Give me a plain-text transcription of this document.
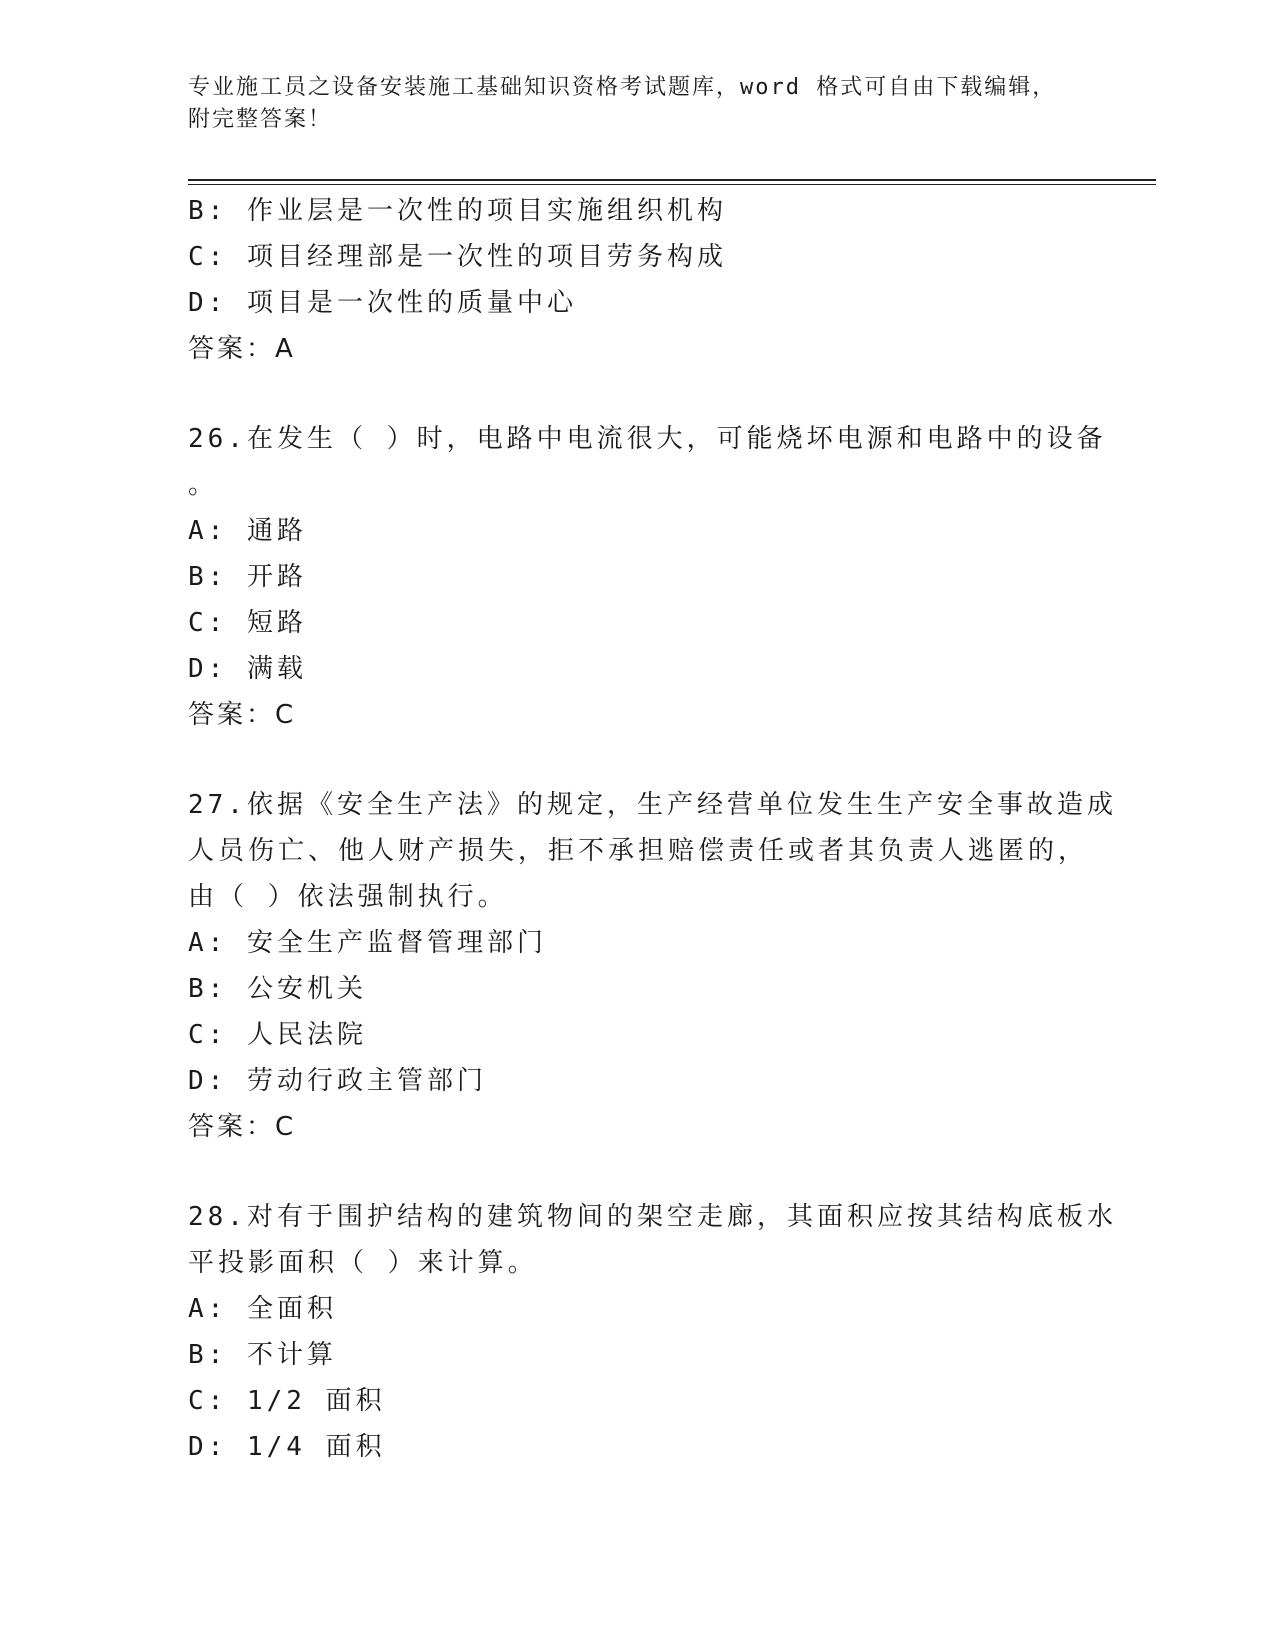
专业施工员之设备安装施工基础知识资格考试题库，word 格式可自由下载编辑，
附完整答案！
B: 作业层是一次性的项目实施组织机构
C: 项目经理部是一次性的项目劳务构成
D: 项目是一次性的质量中心
答案：A
26.在发生（ ）时，电路中电流很大，可能烧坏电源和电路中的设备
。
A: 通路
B: 开路
C: 短路
D: 满载
答案：C
27.依据《安全生产法》的规定，生产经营单位发生生产安全事故造成
人员伤亡、他人财产损失，拒不承担赔偿责任或者其负责人逃匿的，
由（ ）依法强制执行。
A: 安全生产监督管理部门
B: 公安机关
C: 人民法院
D: 劳动行政主管部门
答案：C
28.对有于围护结构的建筑物间的架空走廊，其面积应按其结构底板水
平投影面积（ ）来计算。
A: 全面积
B: 不计算
C: 1/2 面积
D: 1/4 面积
